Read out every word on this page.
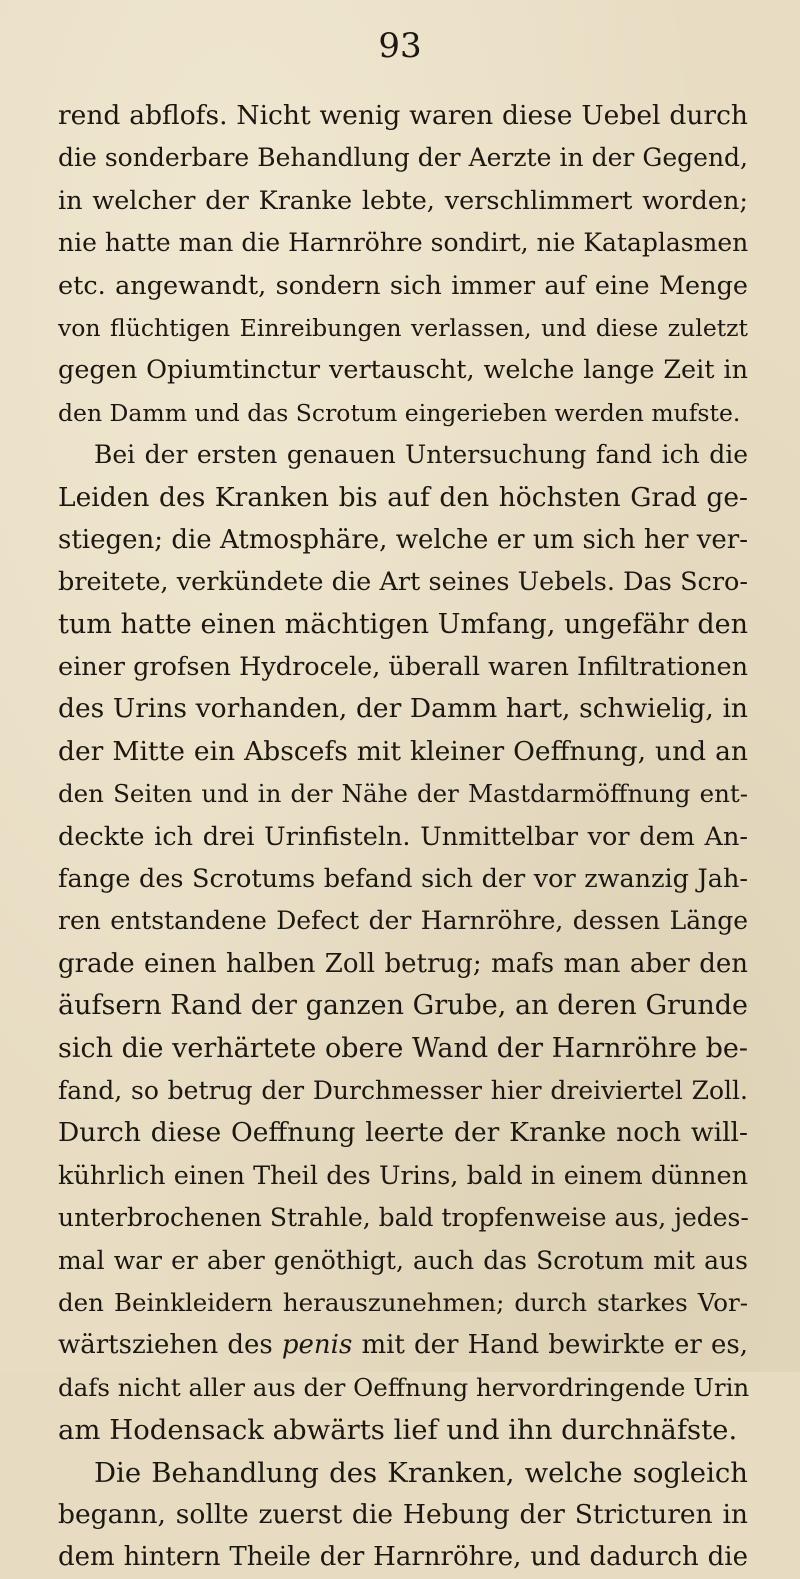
93
rend abflofs. Nicht wenig waren diese Uebel durch
die sonderbare Behandlung der Aerzte in der Gegend,
in welcher der Kranke lebte, verschlimmert worden;
nie hatte man die Harnröhre sondirt, nie Kataplasmen
etc. angewandt, sondern sich immer auf eine Menge
von flüchtigen Einreibungen verlassen, und diese zuletzt
gegen Opiumtinctur vertauscht, welche lange Zeit in
den Damm und das Scrotum eingerieben werden mufste.
Bei der ersten genauen Untersuchung fand ich die
Leiden des Kranken bis auf den höchsten Grad ge-
stiegen; die Atmosphäre, welche er um sich her ver-
breitete, verkündete die Art seines Uebels. Das Scro-
tum hatte einen mächtigen Umfang, ungefähr den
einer grofsen Hydrocele, überall waren Infiltrationen
des Urins vorhanden, der Damm hart, schwielig, in
der Mitte ein Abscefs mit kleiner Oeffnung, und an
den Seiten und in der Nähe der Mastdarmöffnung ent-
deckte ich drei Urinfisteln. Unmittelbar vor dem An-
fange des Scrotums befand sich der vor zwanzig Jah-
ren entstandene Defect der Harnröhre, dessen Länge
grade einen halben Zoll betrug; mafs man aber den
äufsern Rand der ganzen Grube, an deren Grunde
sich die verhärtete obere Wand der Harnröhre be-
fand, so betrug der Durchmesser hier dreiviertel Zoll.
Durch diese Oeffnung leerte der Kranke noch will-
kührlich einen Theil des Urins, bald in einem dünnen
unterbrochenen Strahle, bald tropfenweise aus, jedes-
mal war er aber genöthigt, auch das Scrotum mit aus
den Beinkleidern herauszunehmen; durch starkes Vor-
wärtsziehen des penis mit der Hand bewirkte er es,
dafs nicht aller aus der Oeffnung hervordringende Urin
am Hodensack abwärts lief und ihn durchnäfste.
Die Behandlung des Kranken, welche sogleich
begann, sollte zuerst die Hebung der Stricturen in
dem hintern Theile der Harnröhre, und dadurch die
